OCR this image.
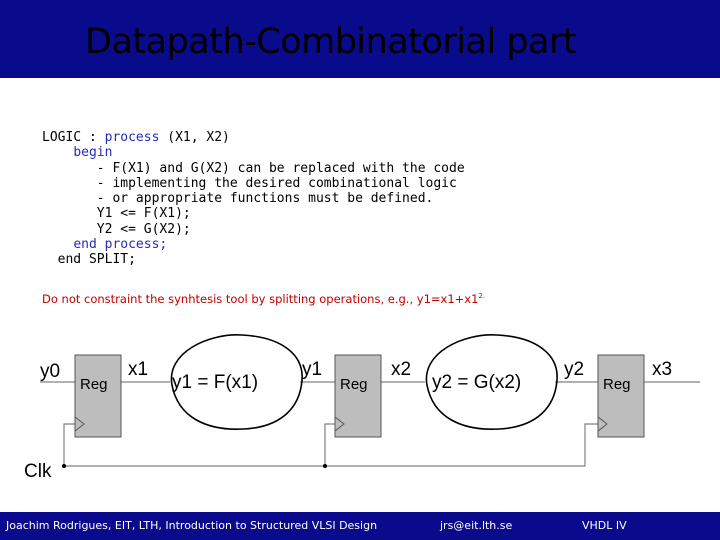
Datapath-Combinatorial part
LOGIC : process (X1, X2)
begin
- F(X1) and G(X2) can be replaced with the code
- implementing the desired combinational logic
- or appropriate functions must be defined.
Y1 <= F(X1);
Y2 <= G(X2);
end process;
end SPLIT;
Do not constraint the synhtesis tool by splitting operations, e.g., $y1=x1+x1^{2.}$
Reg	Reg	Reg
y0	x1	y1	x2	y2	x3
Clk
y1 = F(x1)	y2 = G(x2)
Joachim Rodrigues, EIT, LTH, Introduction to Structured VLSI Design	jrs@eit.lth.se	VHDL IV
